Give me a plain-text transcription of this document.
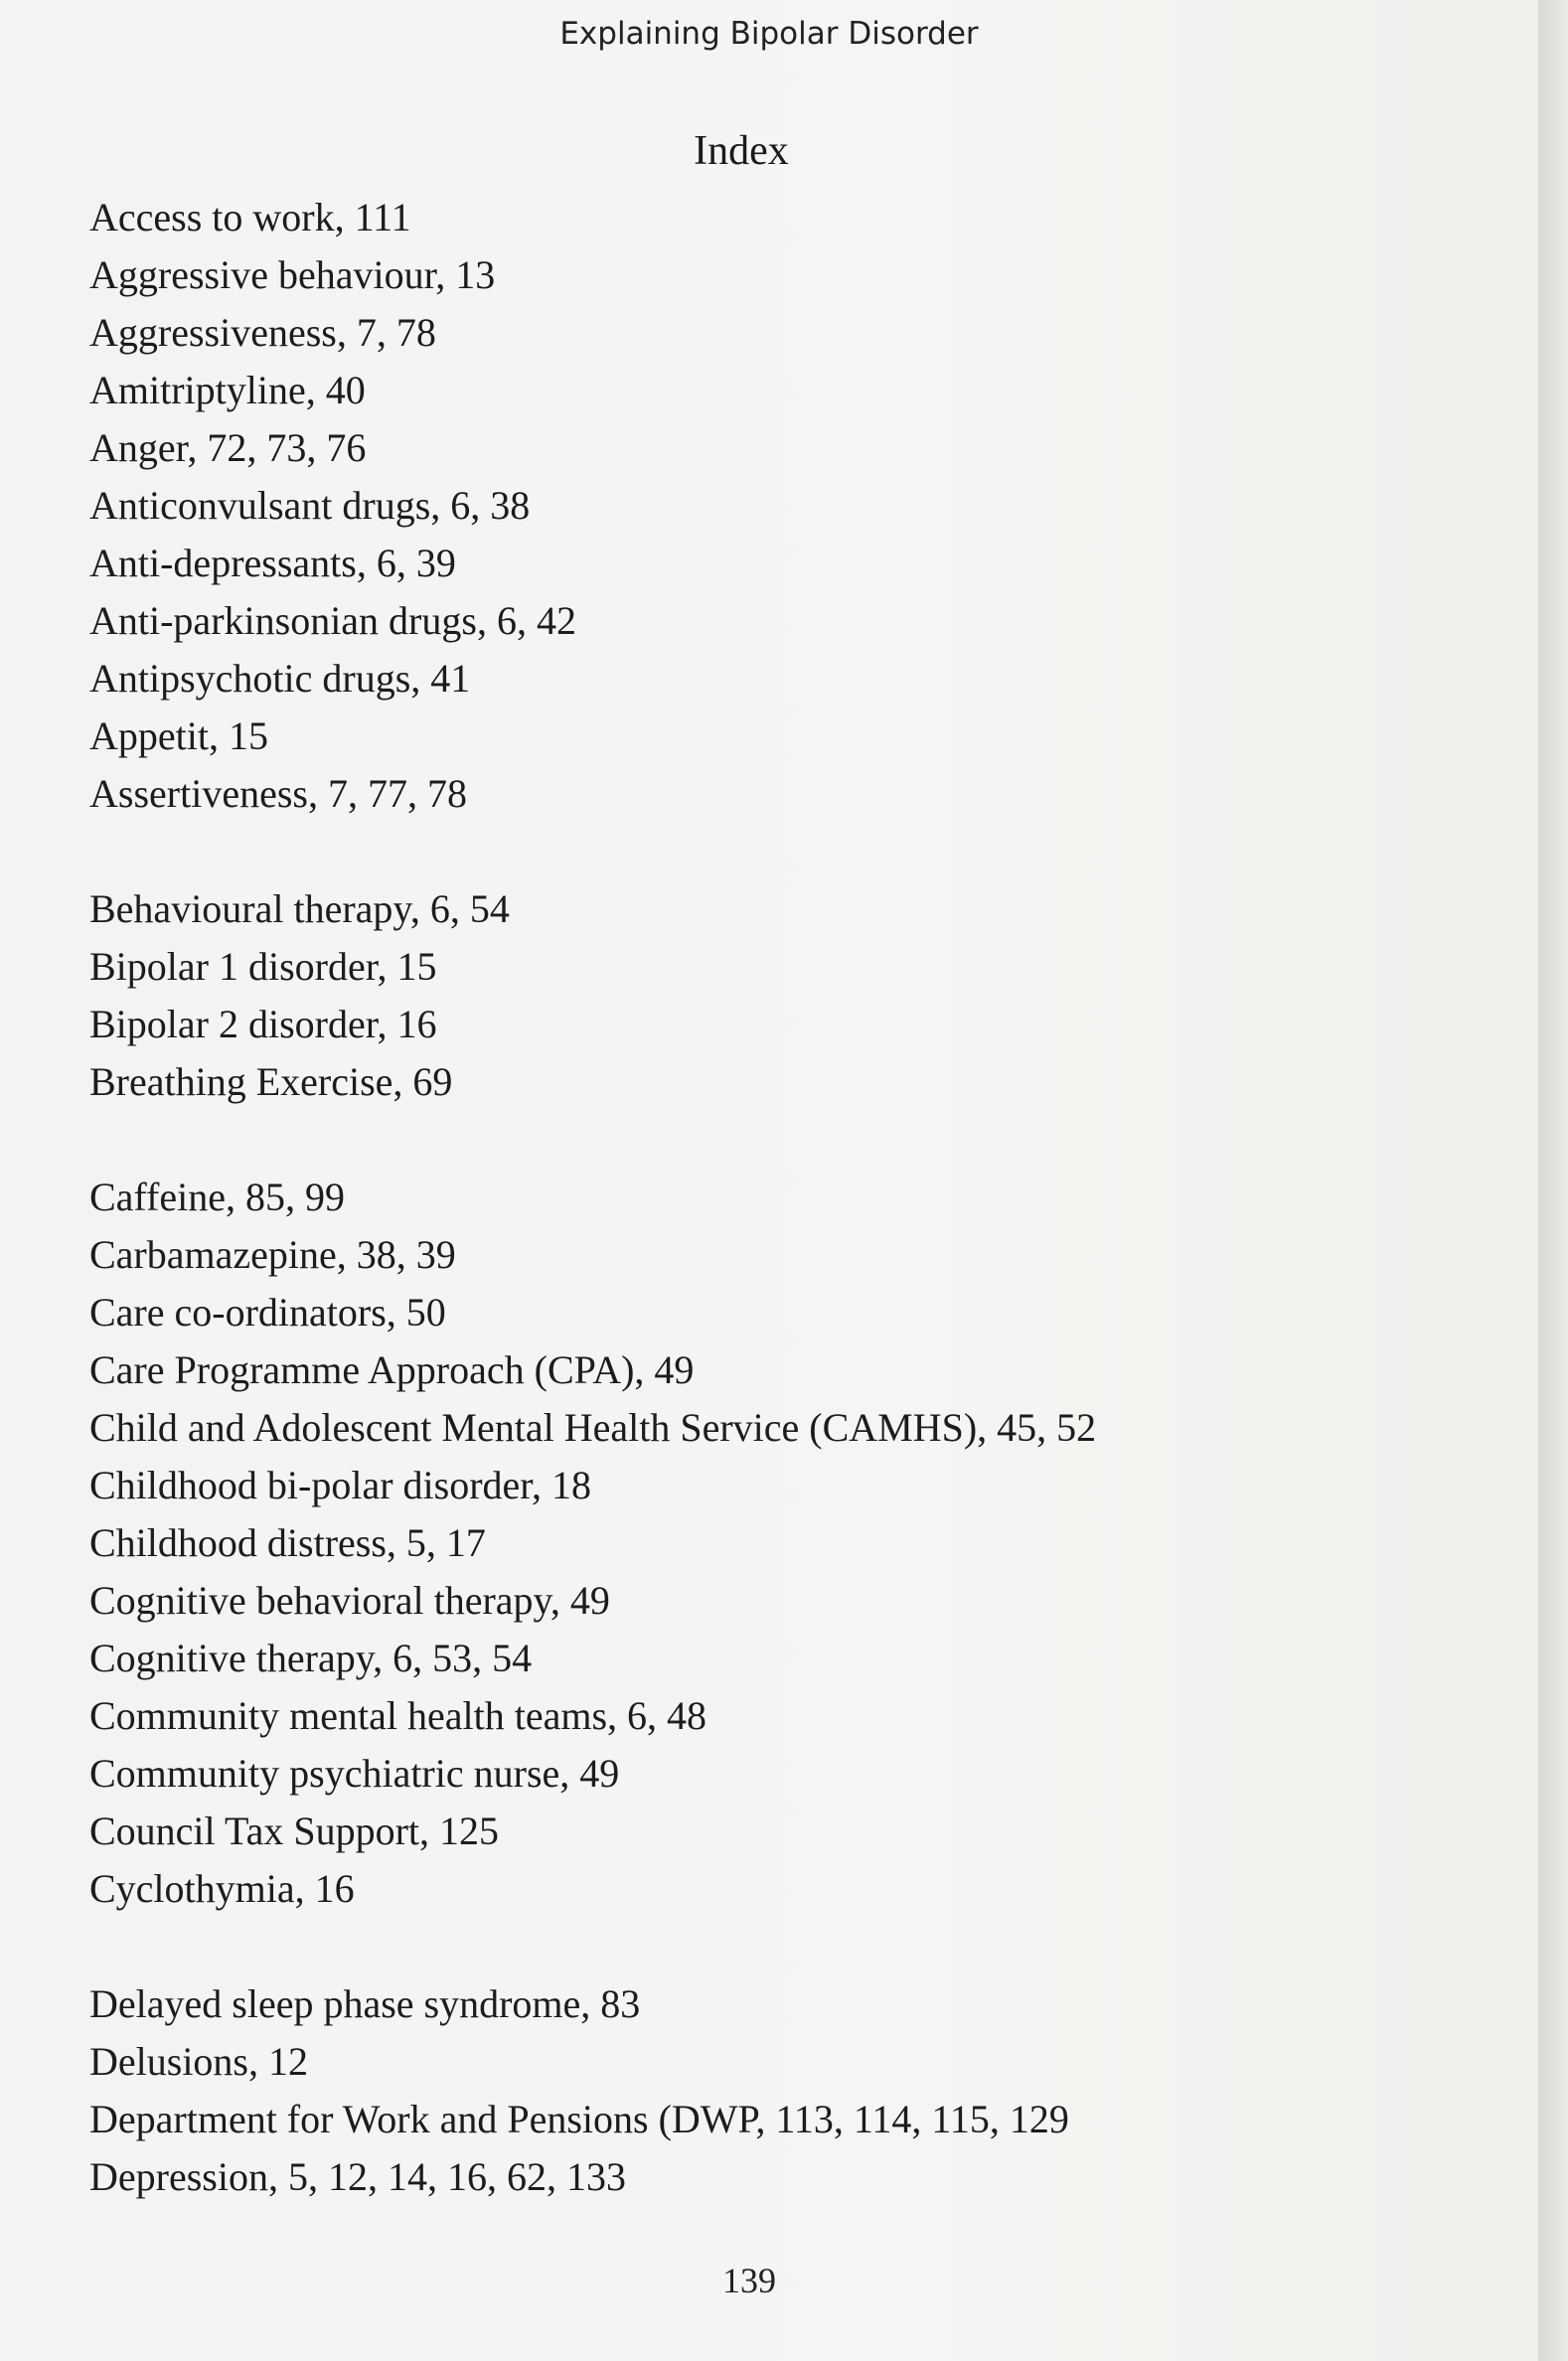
Explaining Bipolar Disorder
Index
Access to work, 111
Aggressive behaviour, 13
Aggressiveness, 7, 78
Amitriptyline, 40
Anger, 72, 73, 76
Anticonvulsant drugs, 6, 38
Anti-depressants, 6, 39
Anti-parkinsonian drugs, 6, 42
Antipsychotic drugs, 41
Appetit, 15
Assertiveness, 7, 77, 78
Behavioural therapy, 6, 54
Bipolar 1 disorder, 15
Bipolar 2 disorder, 16
Breathing Exercise, 69
Caffeine, 85, 99
Carbamazepine, 38, 39
Care co-ordinators, 50
Care Programme Approach (CPA), 49
Child and Adolescent Mental Health Service (CAMHS), 45, 52
Childhood bi-polar disorder, 18
Childhood distress, 5, 17
Cognitive behavioral therapy, 49
Cognitive therapy, 6, 53, 54
Community mental health teams, 6, 48
Community psychiatric nurse, 49
Council Tax Support, 125
Cyclothymia, 16
Delayed sleep phase syndrome, 83
Delusions, 12
Department for Work and Pensions (DWP, 113, 114, 115, 129
Depression, 5, 12, 14, 16, 62, 133
139
